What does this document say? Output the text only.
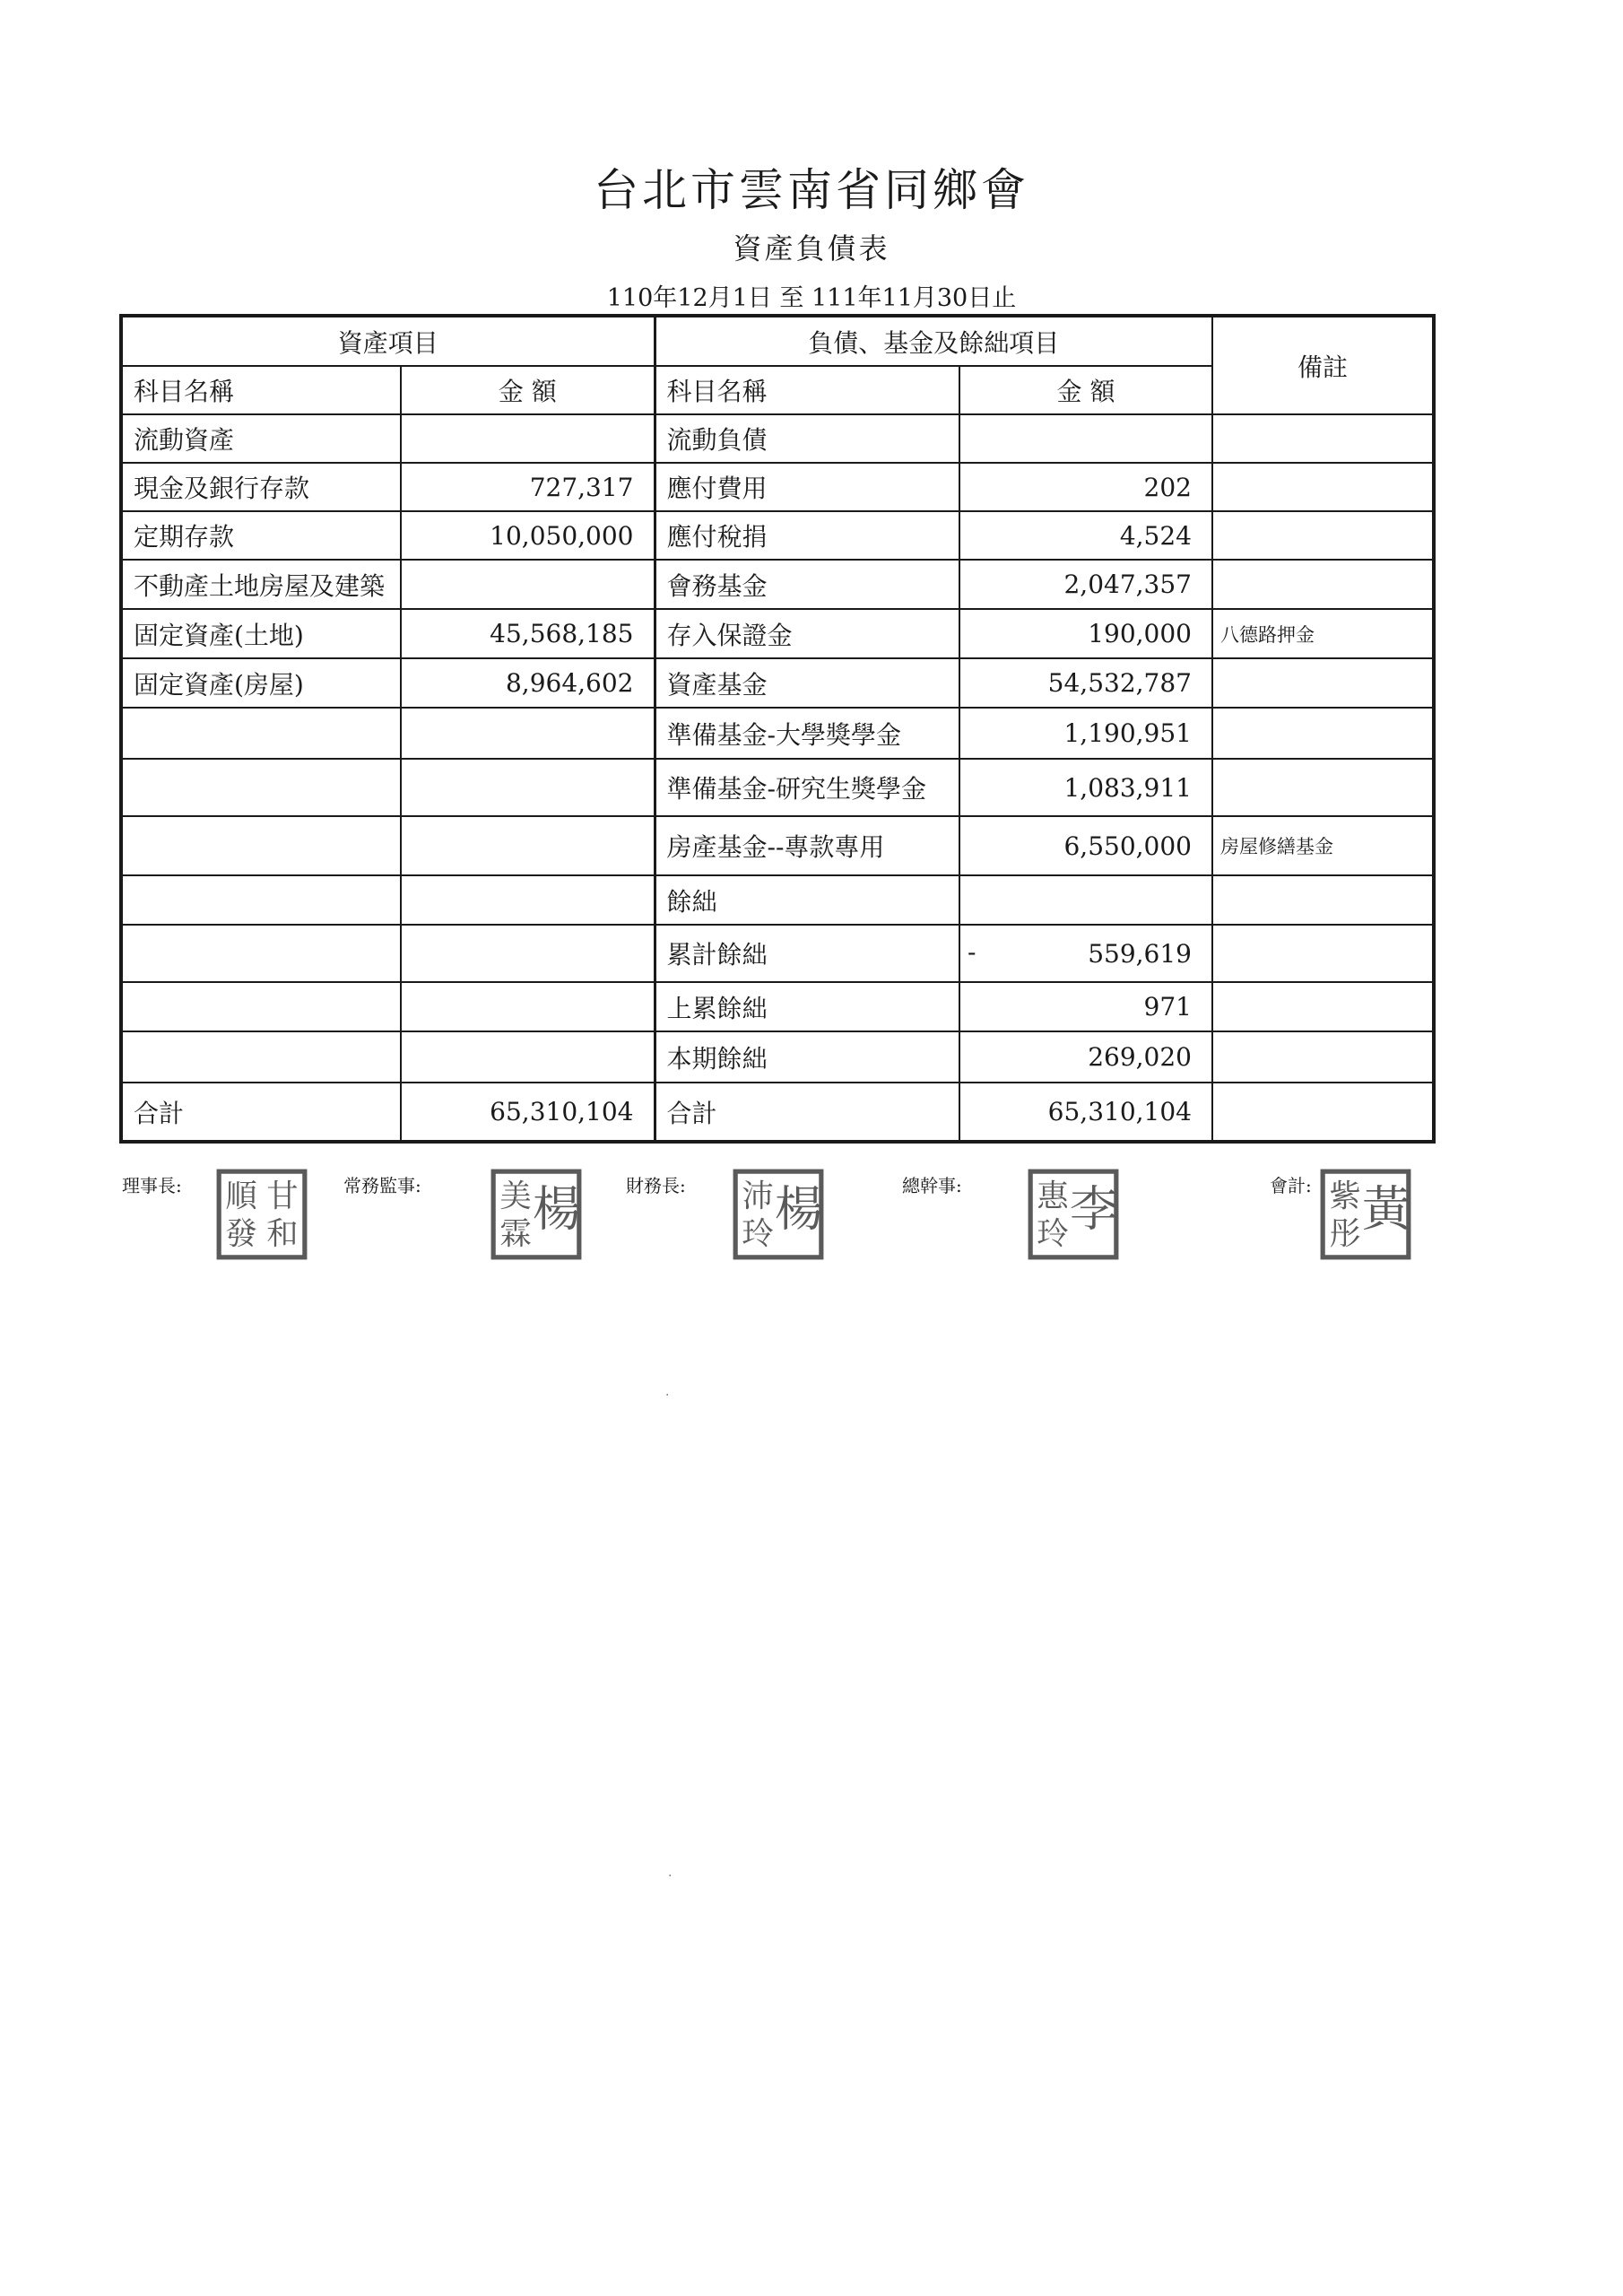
台北市雲南省同鄉會
資產負債表
110年12月1日 至 111年11月30日止
資產項目		負債、基金及餘絀項目		備註
科目名稱	金 額	科目名稱	金 額	
流動資產		流動負債	

現金及銀行存款	727,317	應付費用	202	
定期存款	10,050,000	應付稅捐	4,524	
不動產土地房屋及建築		會務基金	2,047,357	
固定資產(土地)	45,568,185	存入保證金	190,000	八德路押金
固定資產(房屋)	8,964,602	資產基金	54,532,787	
		準備基金-大學獎學金	1,190,951	
		準備基金-研究生獎學金	1,083,911	
		房產基金--專款專用	6,550,000	房屋修繕基金
		餘絀	

		累計餘絀	- 559,619	
		上累餘絀	971	
		本期餘絀	269,020	
合計	65,310,104	合計	65,310,104	
理事長: 順
發
甘
和
常務監事:	美
霖 楊	財務長: 沛
玲 楊	總幹事: 惠
玲 李	會計: 紫
彤 黃
·
·
